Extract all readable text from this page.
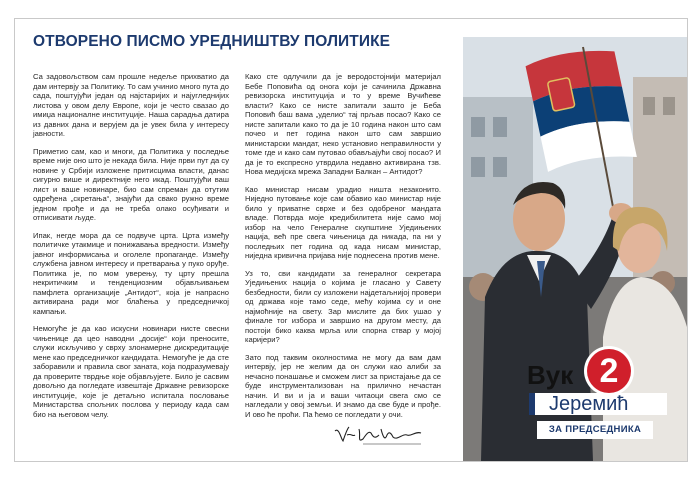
ОТВОРЕНО ПИСМО УРЕДНИШТВУ ПОЛИТИКЕ

Са задовољством сам прошле недеље прихватио да дам интервју за Политику. То сам учинио много пута до сада, поштујући један од најстаријих и најугледнијих листова у овом делу Европе, који је често свазао до имиџа националне институције. Наша сарадња датира из давних дана и верујем да је увек била у интересу јавности.

Приметио сам, као и многи, да Политика у последње време није оно што је некада била. Није први пут да су новине у Србији изложене притисцима власти, данас сигурно више и директније него икад. Поштујући ваш лист и ваше новинаре, био сам спреман да отутим одређена „скретања“, знајући да свако ружно време једном прође и да не треба олако осуђивати и отписивати људе.

Ипак, негде мора да се подвуче црта. Црта између политичке утакмице и понижавања вредности. Између јавног информисања и оголеле пропаганде. Између службена јавном интересу и претварања у пуко оруђе. Политика је, по мом уверењу, ту црту прешла некритичким и тенденциозним објављивањем памфлета организације „Антидот“, која је напрасно активирана ради мог блаћења у председничкој кампањи.

Немогуће је да као искусни новинари нисте свесни чињенице да цео наводни „досије“ који преносите, служи искључиво у сврху злонамерне дискредитације мене као председничког кандидата. Немогуће је да сте заборавили и правила свог заната, која подразумевају да проверите тврдње које објављујете. Било је сасвим довољно да погледате извештаје Државне ревизорске институције, које је детаљно испитала пословање Министарства спољних послова у периоду када сам био на његовом челу.

Како сте одлучили да је веродостојнији материјал Бебе Поповића од онога који је сачинила Државна ревизорска институција и то у време Вучићеве власти? Како се нисте запитали зашто је Беба Поповић баш вама „уделио“ тај прљав посао? Како се нисте запитали како то да је 10 година након што сам почео и пет година након што сам завршио министарски мандат, неко установио неправилности у томе где и како сам путовао обављајући свој посао? И да је то експресно утврдила недавно активирана тзв. Нова медијска мрежа Западни Балкан – Антидот?

Као министар нисам урадио ништа незаконито. Ниједно путовање које сам обавио као министар није било у приватне сврхе и без одобреног мандата владе. Потврда моје кредибилитета није само мој избор на чело Генералне скупштине Уједињених нација, већ пре свега чињеница да никада, па ни у последњих пет година од када нисам министар, ниједна кривична пријава није поднесена против мене.

Уз то, сви кандидати за генералног секретара Уједињених нација о којима је гласано у Савету безбедности, били су изложени најдетаљнијој провери од држава које тамо седе, мећу којима су и оне најмоћније на свету. Зар мислите да бих ушао у финале тог избора и завршио на другом месту, да постоји бико каква мрља или спорна ствар у мојој каријери?

Зато под таквим околностима не могу да вам дам интервју, јер не желим да он служи као алиби за нечасно понашање и сможем лист за пристајање да се буде инструментализован на прилично нечастан начин. И ви и ја и ваши читаоци свега смо се нагледали у овој земљи. И знамо да све буде и прође. И ово ће проћи. Па ћемо се погледати у очи.

Вук 2
Јеремић
ЗА ПРЕДСЕДНИКА
